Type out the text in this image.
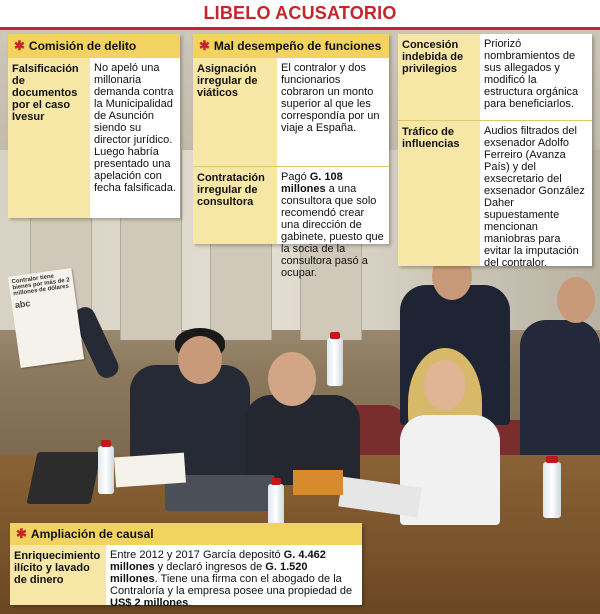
Contralor tiene bienes por más de 2 millones de dólares
abc
LIBELO ACUSATORIO
✱ Comisión de delito
Falsificación de documentos por el caso Ivesur
No apeló una millonaria demanda contra la Municipalidad de Asunción siendo su director jurídico. Luego habría presentado una apelación con fecha falsificada.
✱ Mal desempeño de funciones
Asignación irregular de viáticos
El contralor y dos funcionarios cobraron un monto superior al que les correspondía por un viaje a España.
Contratación irregular de consultora
Pagó G. 108 millones a una consultora que solo recomendó crear una dirección de gabinete, puesto que la socia de la consultora pasó a ocupar.
Concesión indebida de privilegios
Priorizó nombramientos de sus allegados y modificó la estructura orgánica para beneficiarlos.
Tráfico de influencias
Audios filtrados del exsenador Adolfo Ferreiro (Avanza País) y del exsecretario del exsenador González Daher supuestamente mencionan maniobras para evitar la imputación del contralor.
✱ Ampliación de causal
Enriquecimiento ilícito y lavado de dinero
Entre 2012 y 2017 García depositó G. 4.462 millones y declaró ingresos de G. 1.520 millones. Tiene una firma con el abogado de la Contraloría y la empresa posee una propiedad de US$ 2 millones.
